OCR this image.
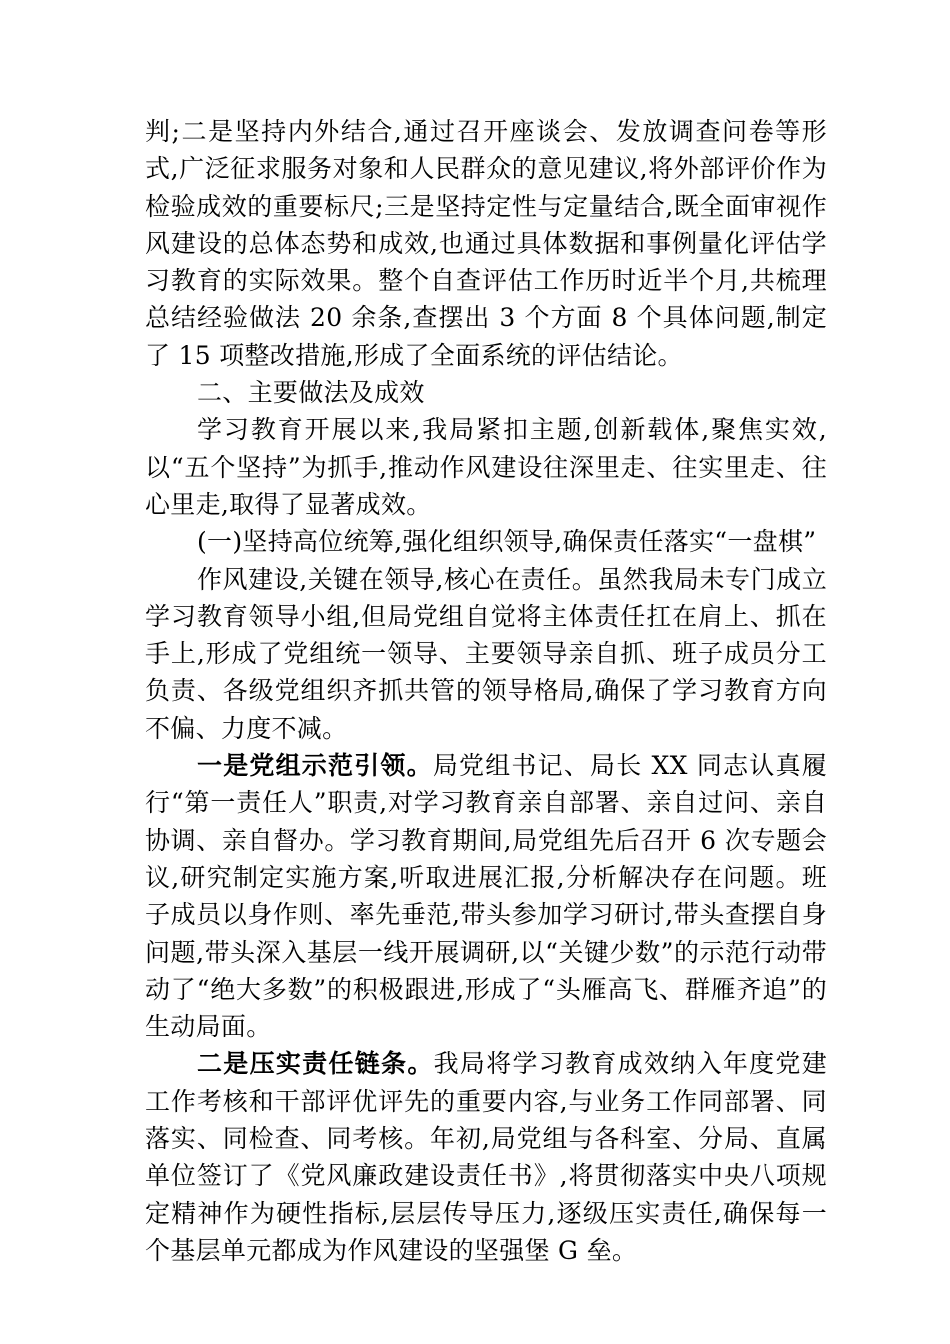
判;二是坚持内外结合,通过召开座谈会、发放调查问卷等形式,广泛征求服务对象和人民群众的意见建议,将外部评价作为检验成效的重要标尺;三是坚持定性与定量结合,既全面审视作风建设的总体态势和成效,也通过具体数据和事例量化评估学习教育的实际效果。整个自查评估工作历时近半个月,共梳理总结经验做法 20 余条,查摆出 3 个方面 8 个具体问题,制定了 15 项整改措施,形成了全面系统的评估结论。

二、主要做法及成效

学习教育开展以来,我局紧扣主题,创新载体,聚焦实效,以“五个坚持”为抓手,推动作风建设往深里走、往实里走、往心里走,取得了显著成效。

(一)坚持高位统筹,强化组织领导,确保责任落实“一盘棋”

作风建设,关键在领导,核心在责任。虽然我局未专门成立学习教育领导小组,但局党组自觉将主体责任扛在肩上、抓在手上,形成了党组统一领导、主要领导亲自抓、班子成员分工负责、各级党组织齐抓共管的领导格局,确保了学习教育方向不偏、力度不减。

一是党组示范引领。局党组书记、局长 XX 同志认真履行“第一责任人”职责,对学习教育亲自部署、亲自过问、亲自协调、亲自督办。学习教育期间,局党组先后召开 6 次专题会议,研究制定实施方案,听取进展汇报,分析解决存在问题。班子成员以身作则、率先垂范,带头参加学习研讨,带头查摆自身问题,带头深入基层一线开展调研,以“关键少数”的示范行动带动了“绝大多数”的积极跟进,形成了“头雁高飞、群雁齐追”的生动局面。

二是压实责任链条。我局将学习教育成效纳入年度党建工作考核和干部评优评先的重要内容,与业务工作同部署、同落实、同检查、同考核。年初,局党组与各科室、分局、直属单位签订了《党风廉政建设责任书》,将贯彻落实中央八项规定精神作为硬性指标,层层传导压力,逐级压实责任,确保每一个基层单元都成为作风建设的坚强堡 G 垒。
